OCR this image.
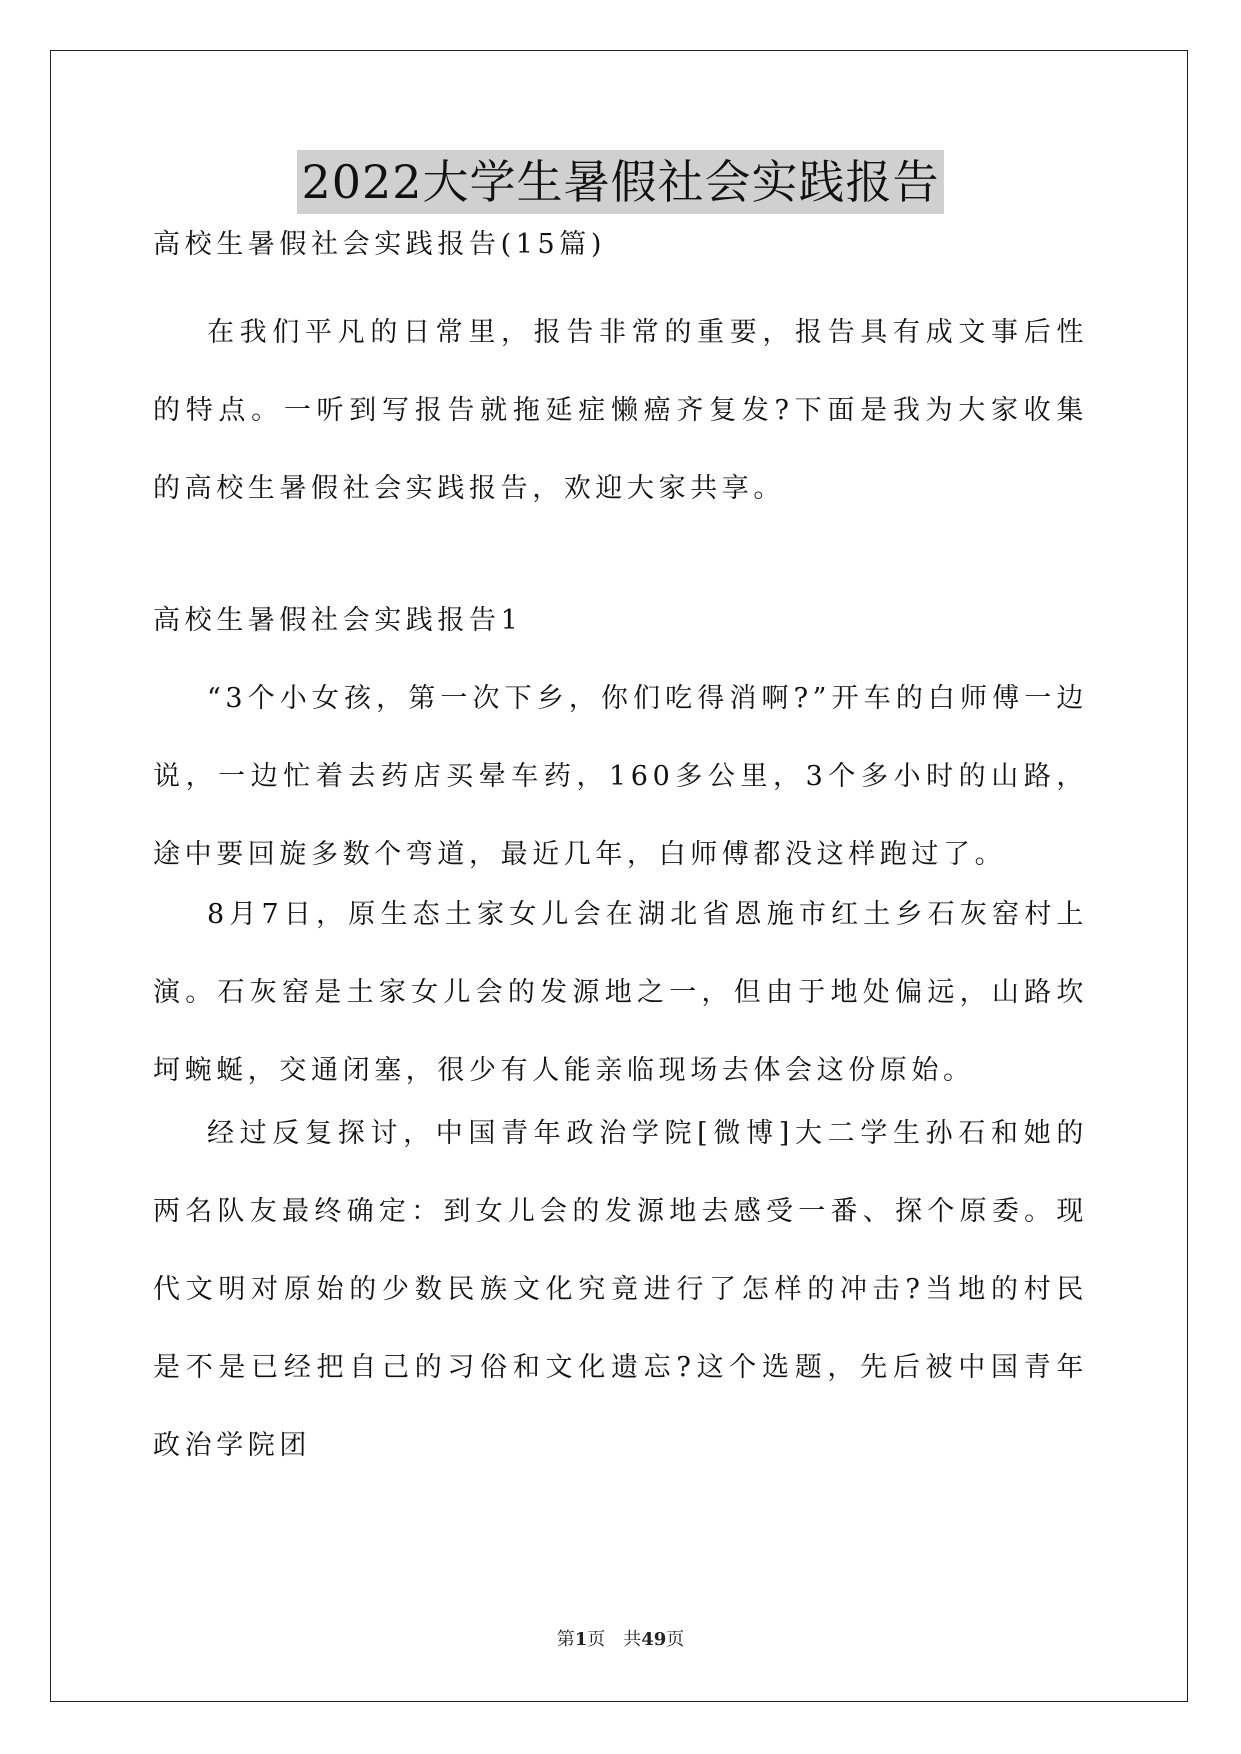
2022大学生暑假社会实践报告

高校生暑假社会实践报告(15篇)

在我们平凡的日常里，报告非常的重要，报告具有成文事后性的特点。一听到写报告就拖延症懒癌齐复发?下面是我为大家收集的高校生暑假社会实践报告，欢迎大家共享。

高校生暑假社会实践报告1

“3个小女孩，第一次下乡，你们吃得消啊?”开车的白师傅一边说，一边忙着去药店买晕车药，160多公里，3个多小时的山路，途中要回旋多数个弯道，最近几年，白师傅都没这样跑过了。

8月7日，原生态土家女儿会在湖北省恩施市红土乡石灰窑村上演。石灰窑是土家女儿会的发源地之一，但由于地处偏远，山路坎坷蜿蜒，交通闭塞，很少有人能亲临现场去体会这份原始。

经过反复探讨，中国青年政治学院[微博]大二学生孙石和她的两名队友最终确定：到女儿会的发源地去感受一番、探个原委。现代文明对原始的少数民族文化究竟进行了怎样的冲击?当地的村民是不是已经把自己的习俗和文化遗忘?这个选题，先后被中国青年政治学院团

第1页　共49页
